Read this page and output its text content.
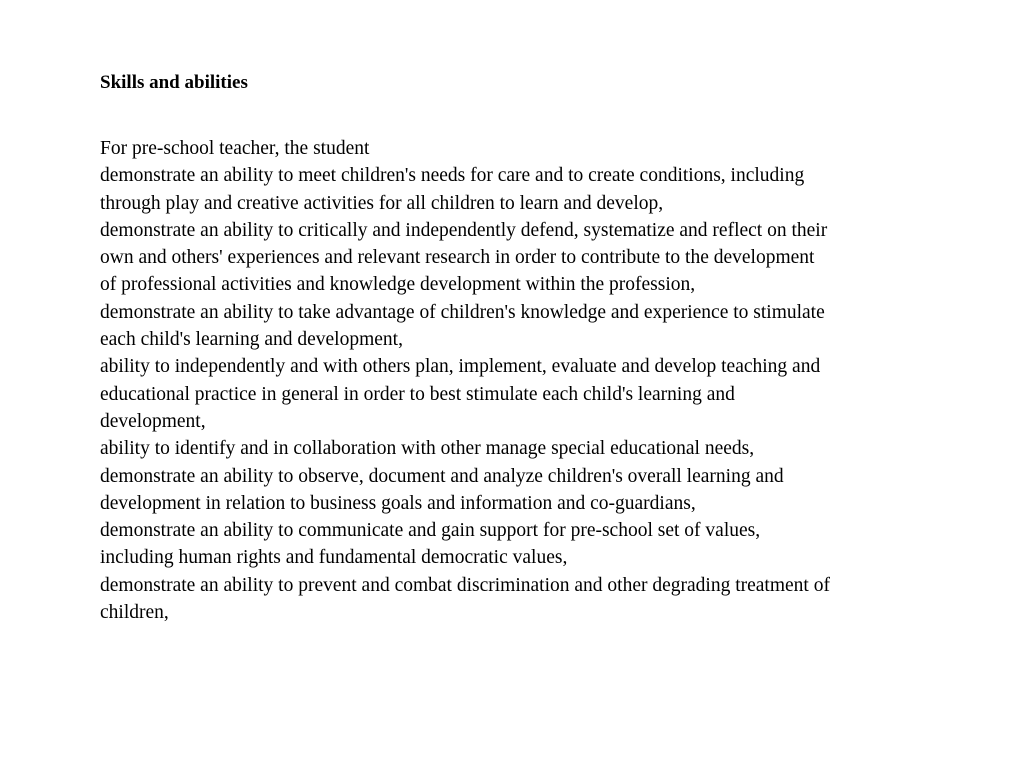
Skills and abilities
For pre-school teacher, the student
demonstrate an ability to meet children's needs for care and to create conditions, including
through play and creative activities for all children to learn and develop,
demonstrate an ability to critically and independently defend, systematize and reflect on their
own and others' experiences and relevant research in order to contribute to the development
of professional activities and knowledge development within the profession,
demonstrate an ability to take advantage of children's knowledge and experience to stimulate
each child's learning and development,
ability to independently and with others plan, implement, evaluate and develop teaching and
educational practice in general in order to best stimulate each child's learning and
development,
ability to identify and in collaboration with other manage special educational needs,
demonstrate an ability to observe, document and analyze children's overall learning and
development in relation to business goals and information and co-guardians,
demonstrate an ability to communicate and gain support for pre-school set of values,
including human rights and fundamental democratic values,
demonstrate an ability to prevent and combat discrimination and other degrading treatment of
children,
